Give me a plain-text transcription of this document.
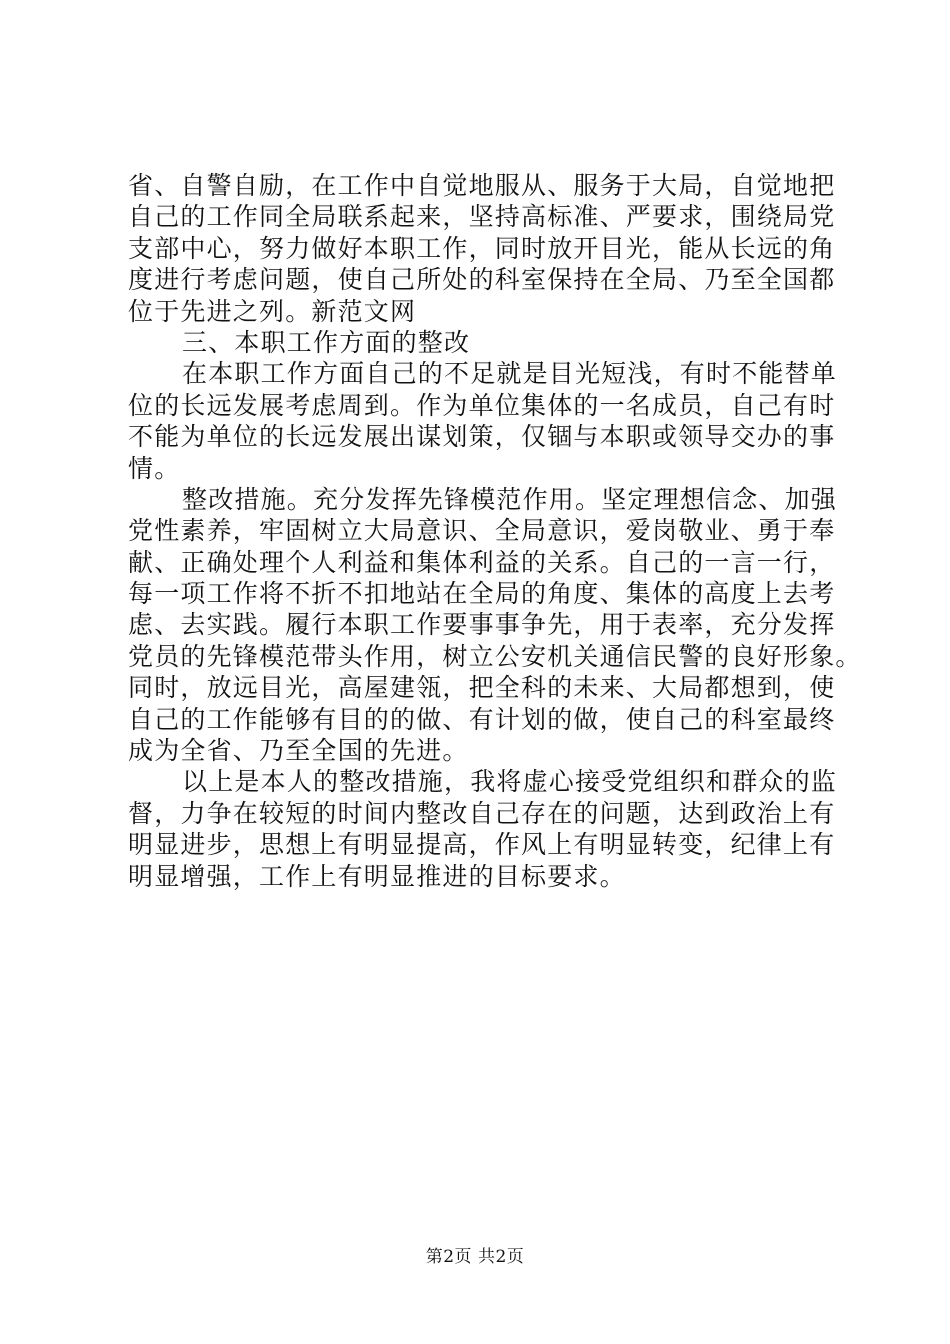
省、自警自励，在工作中自觉地服从、服务于大局，自觉地把
自己的工作同全局联系起来，坚持高标准、严要求，围绕局党
支部中心，努力做好本职工作，同时放开目光，能从长远的角
度进行考虑问题，使自己所处的科室保持在全局、乃至全国都
位于先进之列。新范文网
三、本职工作方面的整改
在本职工作方面自己的不足就是目光短浅，有时不能替单
位的长远发展考虑周到。作为单位集体的一名成员，自己有时
不能为单位的长远发展出谋划策，仅锢与本职或领导交办的事
情。
整改措施。充分发挥先锋模范作用。坚定理想信念、加强
党性素养，牢固树立大局意识、全局意识，爱岗敬业、勇于奉
献、正确处理个人利益和集体利益的关系。自己的一言一行，
每一项工作将不折不扣地站在全局的角度、集体的高度上去考
虑、去实践。履行本职工作要事事争先，用于表率，充分发挥
党员的先锋模范带头作用，树立公安机关通信民警的良好形象。
同时，放远目光，高屋建瓴，把全科的未来、大局都想到，使
自己的工作能够有目的的做、有计划的做，使自己的科室最终
成为全省、乃至全国的先进。
以上是本人的整改措施，我将虚心接受党组织和群众的监
督，力争在较短的时间内整改自己存在的问题，达到政治上有
明显进步，思想上有明显提高，作风上有明显转变，纪律上有
明显增强，工作上有明显推进的目标要求。
第2页 共2页
